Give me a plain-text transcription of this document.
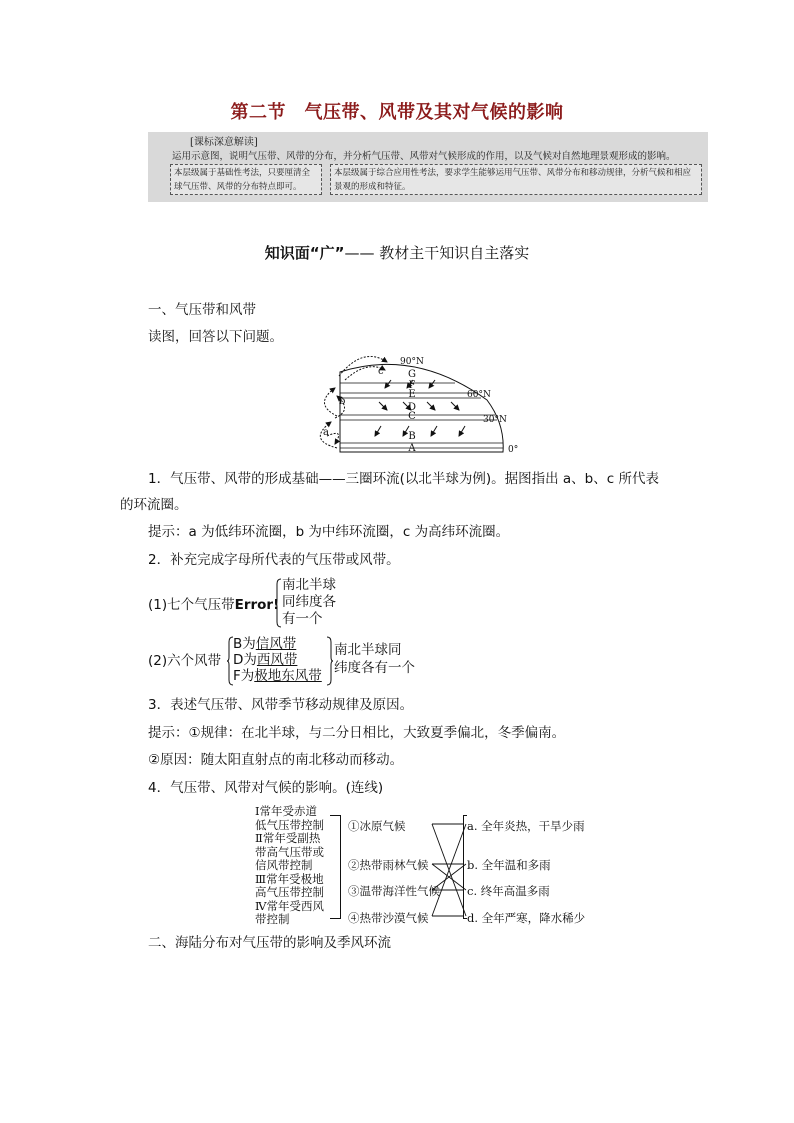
第二节　气压带、风带及其对气候的影响
[课标深意解读]
运用示意图，说明气压带、风带的分布，并分析气压带、风带对气候形成的作用，以及气候对自然地理景观形成的影响。
本层级属于基础性考法，只要厘清全球气压带、风带的分布特点即可。
本层级属于综合应用性考法，要求学生能够运用气压带、风带分布和移动规律，分析气候和相应景观的形成和特征。
知识面“广”—— 教材主干知识自主落实
一、气压带和风带
读图，回答以下问题。
G
F
E
D
C
B
A
90°N
60°N
30°N
0°
c
b
a
1．气压带、风带的形成基础——三圈环流(以北半球为例)。据图指出 a、b、c 所代表
的环流圈。
提示：a 为低纬环流圈，b 为中纬环流圈，c 为高纬环流圈。
2．补充完成字母所代表的气压带或风带。
(1)七个气压带Error!
南北半球
同纬度各
有一个
(2)六个风带
B为信风带
D为西风带
F为极地东风带
南北半球同
纬度各有一个
3．表述气压带、风带季节移动规律及原因。
提示：①规律：在北半球，与二分日相比，大致夏季偏北，冬季偏南。
②原因：随太阳直射点的南北移动而移动。
4．气压带、风带对气候的影响。(连线)
Ⅰ常年受赤道
低气压带控制
Ⅱ常年受副热
带高气压带或
信风带控制
Ⅲ常年受极地
高气压带控制
Ⅳ常年受西风
带控制
①冰原气候
②热带雨林气候
③温带海洋性气候
④热带沙漠气候
a. 全年炎热，干旱少雨
b. 全年温和多雨
c. 终年高温多雨
d. 全年严寒，降水稀少
二、海陆分布对气压带的影响及季风环流
